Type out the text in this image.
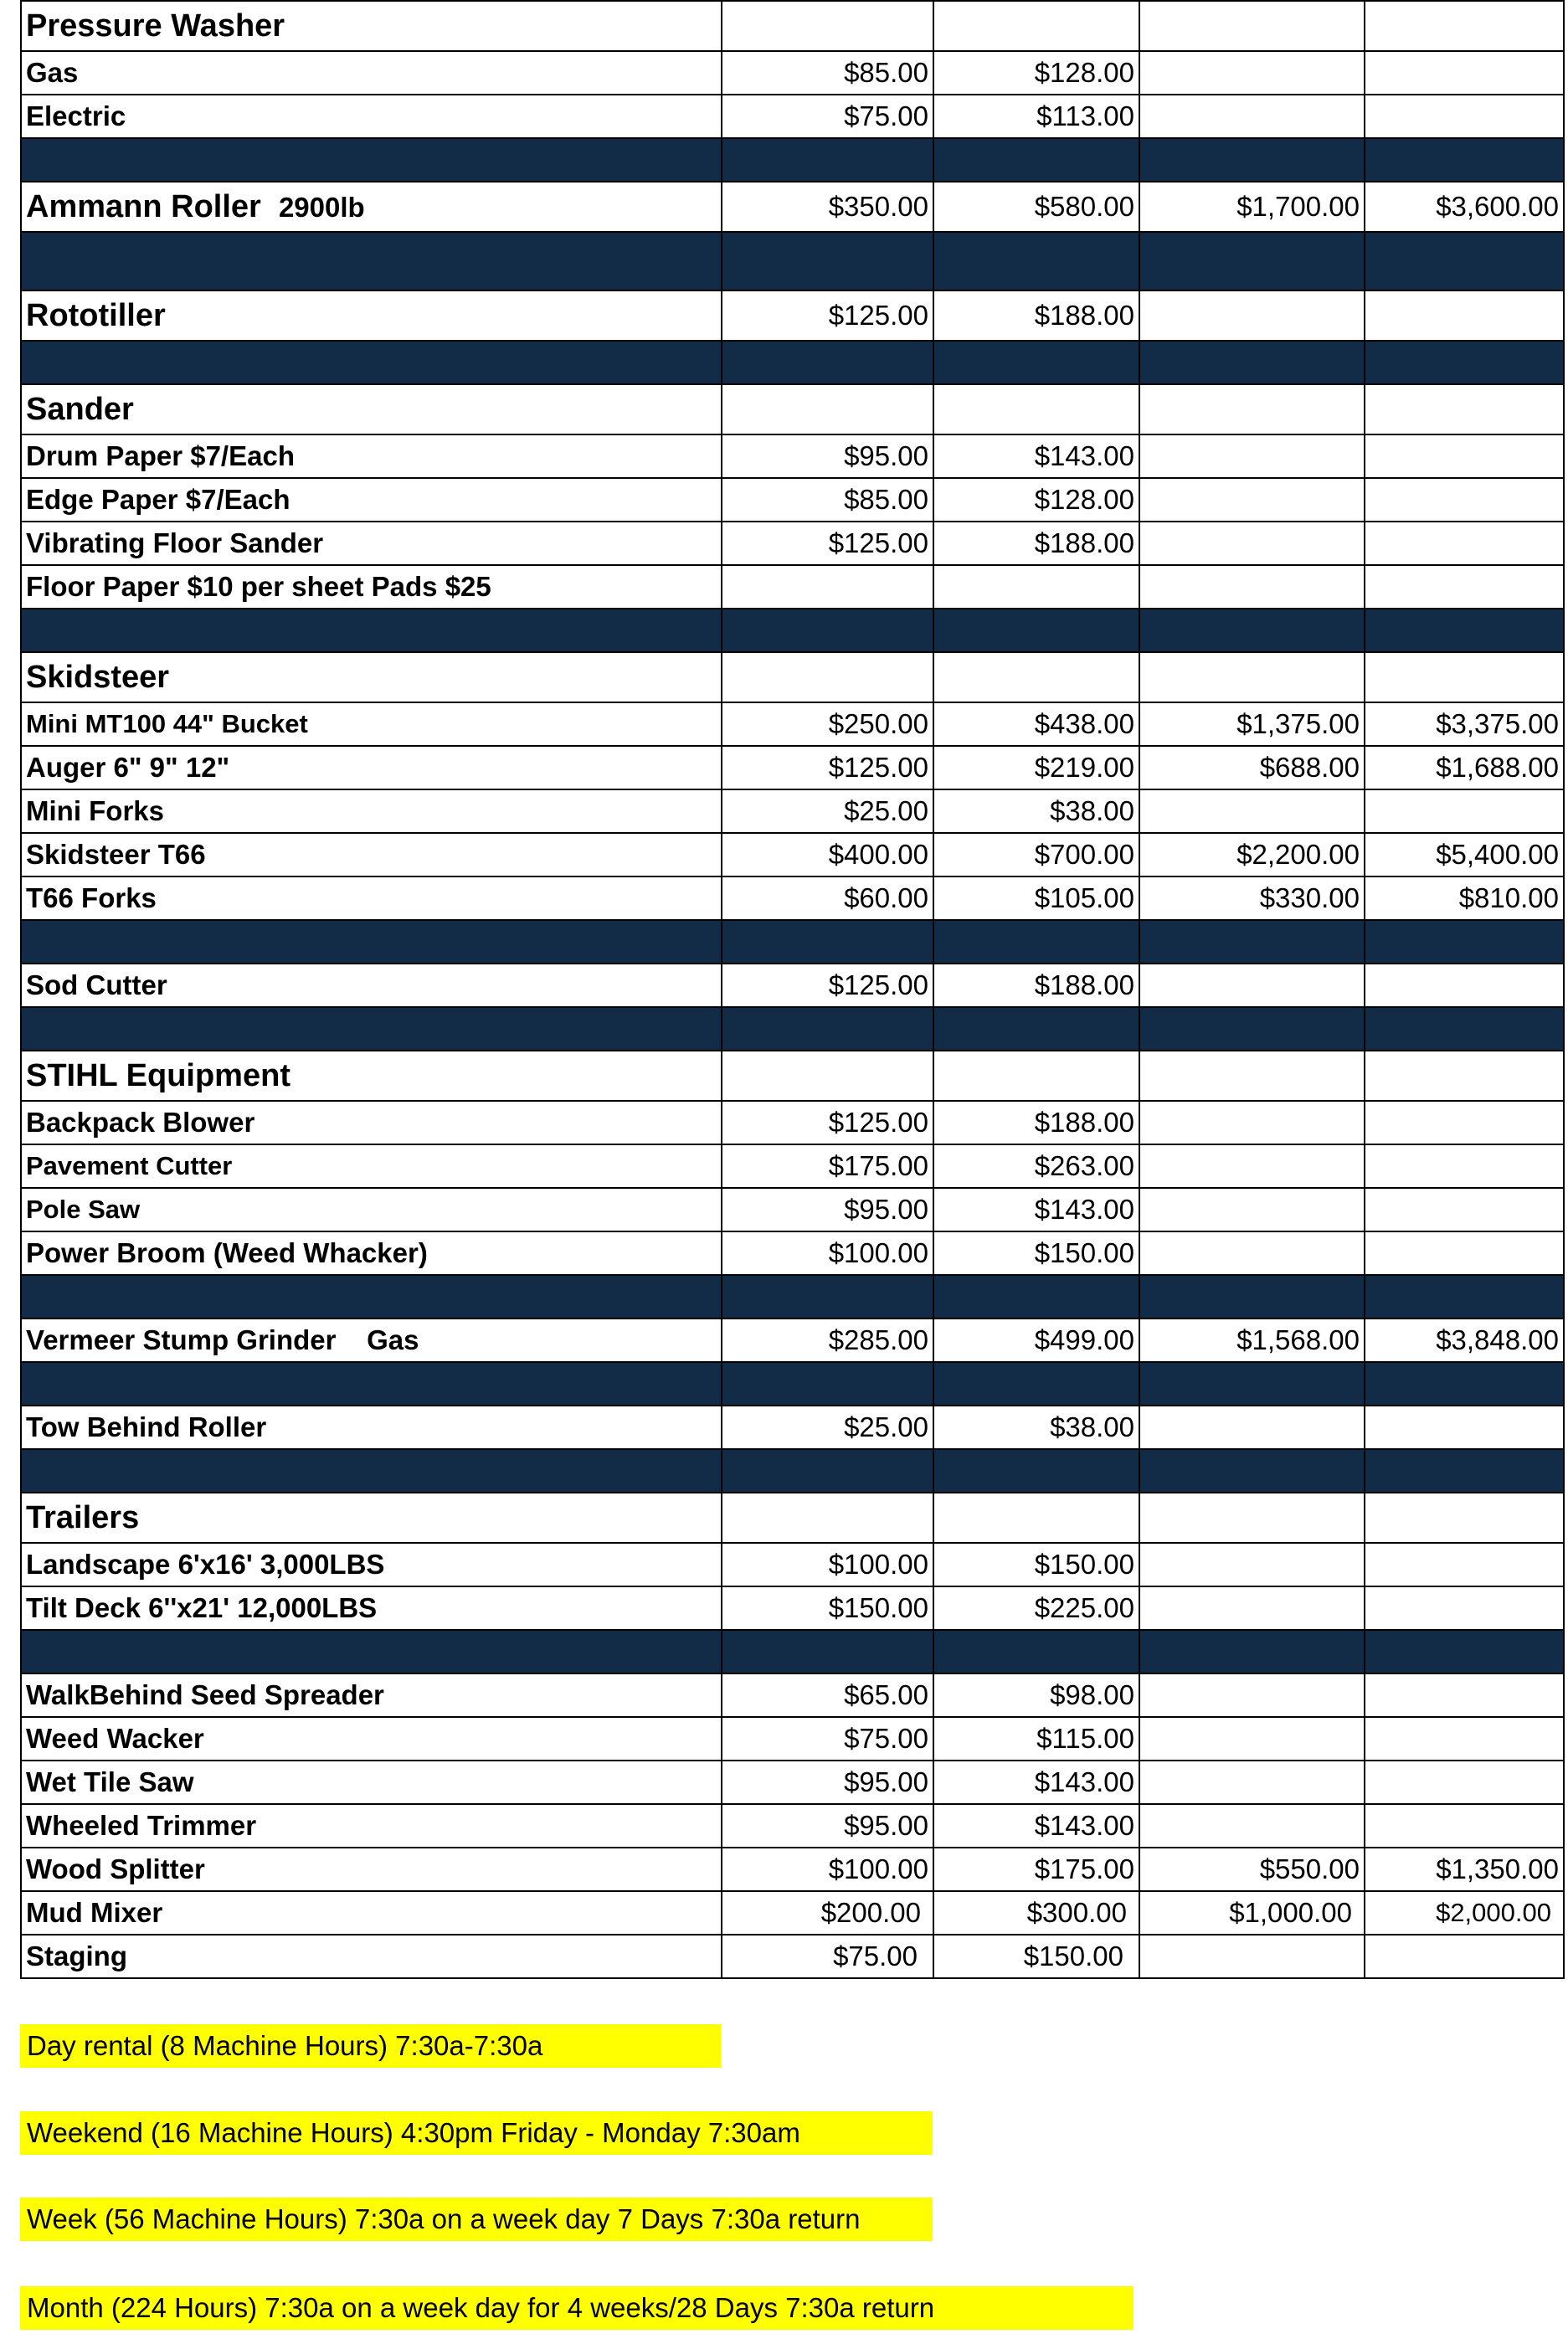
Pressure Washer				
Gas	$85.00	$128.00		
Electric	$75.00	$113.00		

Ammann Roller 2900lb	$350.00	$580.00	$1,700.00	$3,600.00

Rototiller	$125.00	$188.00		

Sander				
Drum Paper $7/Each	$95.00	$143.00		
Edge Paper $7/Each	$85.00	$128.00		
Vibrating Floor Sander	$125.00	$188.00		
Floor Paper $10 per sheet Pads $25				

Skidsteer				
Mini MT100 44" Bucket	$250.00	$438.00	$1,375.00	$3,375.00
Auger 6" 9" 12"	$125.00	$219.00	$688.00	$1,688.00
Mini Forks	$25.00	$38.00		
Skidsteer T66	$400.00	$700.00	$2,200.00	$5,400.00
T66 Forks	$60.00	$105.00	$330.00	$810.00

Sod Cutter	$125.00	$188.00		

STIHL Equipment				
Backpack Blower	$125.00	$188.00		
Pavement Cutter	$175.00	$263.00		
Pole Saw	$95.00	$143.00		
Power Broom (Weed Whacker)	$100.00	$150.00		

Vermeer Stump Grinder    Gas	$285.00	$499.00	$1,568.00	$3,848.00

Tow Behind Roller	$25.00	$38.00		

Trailers				
Landscape 6'x16' 3,000LBS	$100.00	$150.00		
Tilt Deck 6''x21' 12,000LBS	$150.00	$225.00		

WalkBehind Seed Spreader	$65.00	$98.00		
Weed Wacker	$75.00	$115.00		
Wet Tile Saw	$95.00	$143.00		
Wheeled Trimmer	$95.00	$143.00		
Wood Splitter	$100.00	$175.00	$550.00	$1,350.00
Mud Mixer	$200.00	$300.00	$1,000.00	$2,000.00
Staging	$75.00	$150.00		
Day rental (8 Machine Hours) 7:30a-7:30a
Weekend (16 Machine Hours) 4:30pm Friday - Monday 7:30am
Week (56 Machine Hours) 7:30a on a week day 7 Days 7:30a return
Month (224 Hours) 7:30a on a week day for 4 weeks/28 Days 7:30a return
